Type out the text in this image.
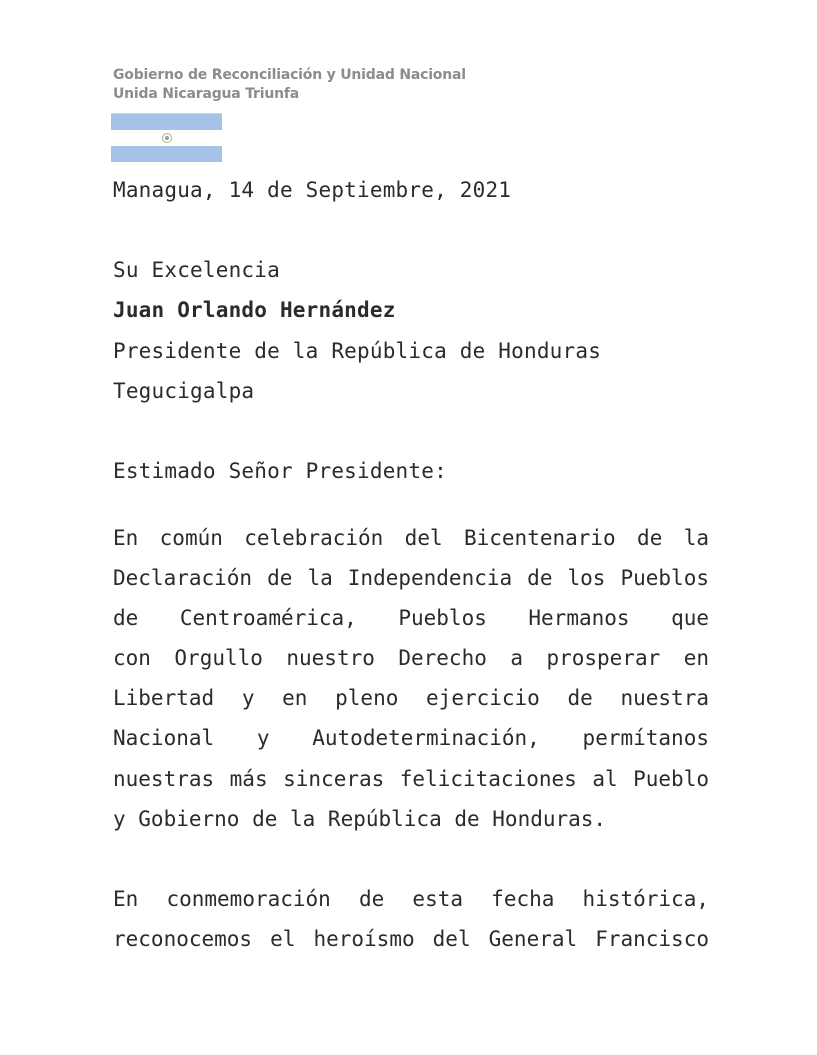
Gobierno de Reconciliación y Unidad Nacional
Unida Nicaragua Triunfa
Managua, 14 de Septiembre, 2021
Su Excelencia
Juan Orlando Hernández
Presidente de la República de Honduras
Tegucigalpa
Estimado Señor Presidente:
En común celebración del Bicentenario de la
Declaración de la Independencia de los Pueblos
de Centroamérica, Pueblos Hermanos que
con Orgullo nuestro Derecho a prosperar en
Libertad y en pleno ejercicio de nuestra
Nacional y Autodeterminación, permítanos
nuestras más sinceras felicitaciones al Pueblo
y Gobierno de la República de Honduras.
En conmemoración de esta fecha histórica,
reconocemos el heroísmo del General Francisco
